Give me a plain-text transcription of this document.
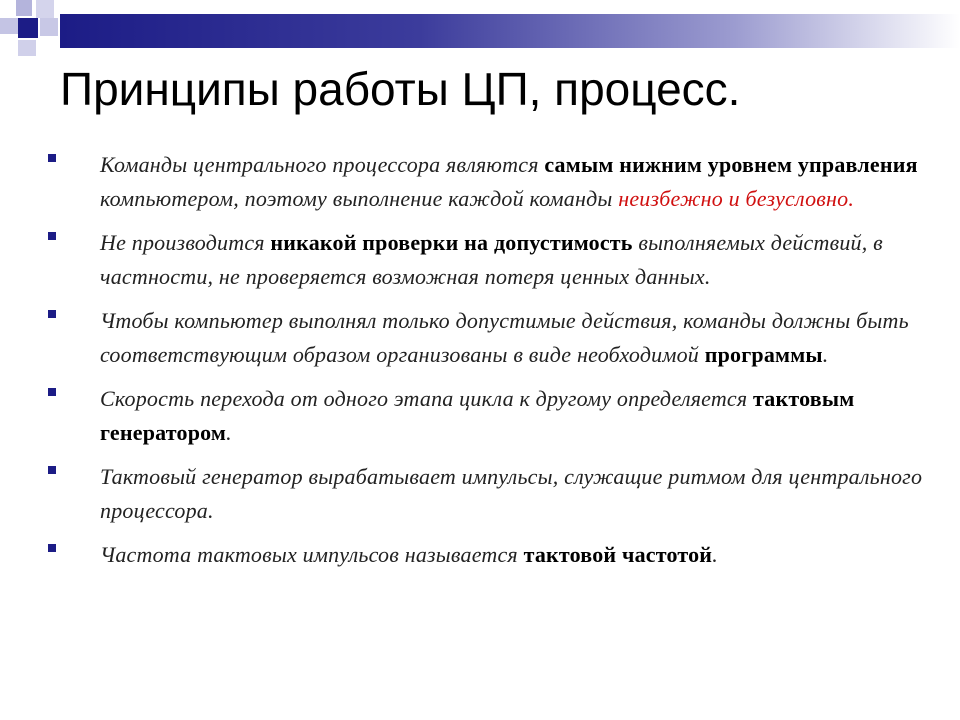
Принципы работы ЦП, процесс.
Команды центрального процессора являются самым нижним уровнем управления компьютером, поэтому выполнение каждой команды неизбежно и безусловно.
Не производится никакой проверки на допустимость выполняемых действий, в частности, не проверяется возможная потеря ценных данных.
Чтобы компьютер выполнял только допустимые действия, команды должны быть соответствующим образом организованы в виде необходимой программы.
Скорость перехода от одного этапа цикла к другому определяется тактовым генератором.
Тактовый генератор вырабатывает импульсы, служащие ритмом для центрального процессора.
Частота тактовых импульсов называется тактовой частотой.
